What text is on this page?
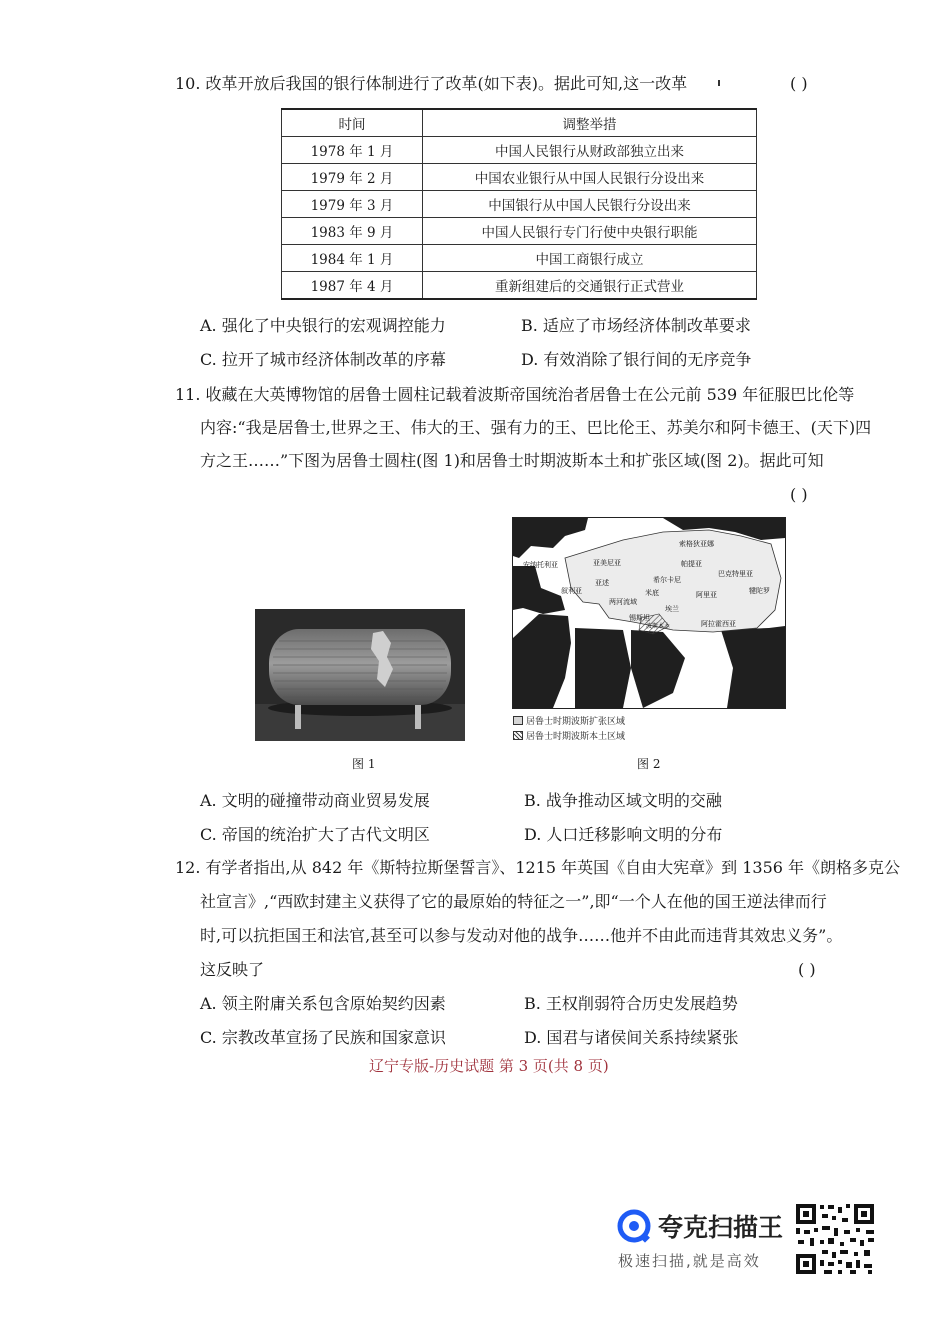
10. 改革开放后我国的银行体制进行了改革(如下表)。据此可知,这一改革	( )
时间	调整举措
1978 年 1 月	中国人民银行从财政部独立出来
1979 年 2 月	中国农业银行从中国人民银行分设出来
1979 年 3 月	中国银行从中国人民银行分设出来
1983 年 9 月	中国人民银行专门行使中央银行职能
1984 年 1 月	中国工商银行成立
1987 年 4 月	重新组建后的交通银行正式营业
A. 强化了中央银行的宏观调控能力	B. 适应了市场经济体制改革要求
C. 拉开了城市经济体制改革的序幕	D. 有效消除了银行间的无序竞争
11. 收藏在大英博物馆的居鲁士圆柱记载着波斯帝国统治者居鲁士在公元前 539 年征服巴比伦等
内容:“我是居鲁士,世界之王、伟大的王、强有力的王、巴比伦王、苏美尔和阿卡德王、(天下)四
方之王……”下图为居鲁士圆柱(图 1)和居鲁士时期波斯本土和扩张区域(图 2)。据此可知
( )
索格狄亚娜
安纳托利亚	亚美尼亚	帕提亚
巴克特里亚
叙利亚
亚述	希尔卡尼
米底	犍陀罗
两河流域
阿里亚
埃兰
波斯本土
锡斯坦
阿拉霍西亚
居鲁士时期波斯扩张区域
居鲁士时期波斯本土区域
图 1	图 2
A. 文明的碰撞带动商业贸易发展	B. 战争推动区域文明的交融
C. 帝国的统治扩大了古代文明区	D. 人口迁移影响文明的分布
12. 有学者指出,从 842 年《斯特拉斯堡誓言》、1215 年英国《自由大宪章》到 1356 年《朗格多克公
社宣言》,“西欧封建主义获得了它的最原始的特征之一”,即“一个人在他的国王逆法律而行
时,可以抗拒国王和法官,甚至可以参与发动对他的战争……他并不由此而违背其效忠义务”。
这反映了	( )
A. 领主附庸关系包含原始契约因素	B. 王权削弱符合历史发展趋势
C. 宗教改革宣扬了民族和国家意识	D. 国君与诸侯间关系持续紧张
辽宁专版-历史试题 第 3 页(共 8 页)
夸克扫描王
极速扫描,就是高效
